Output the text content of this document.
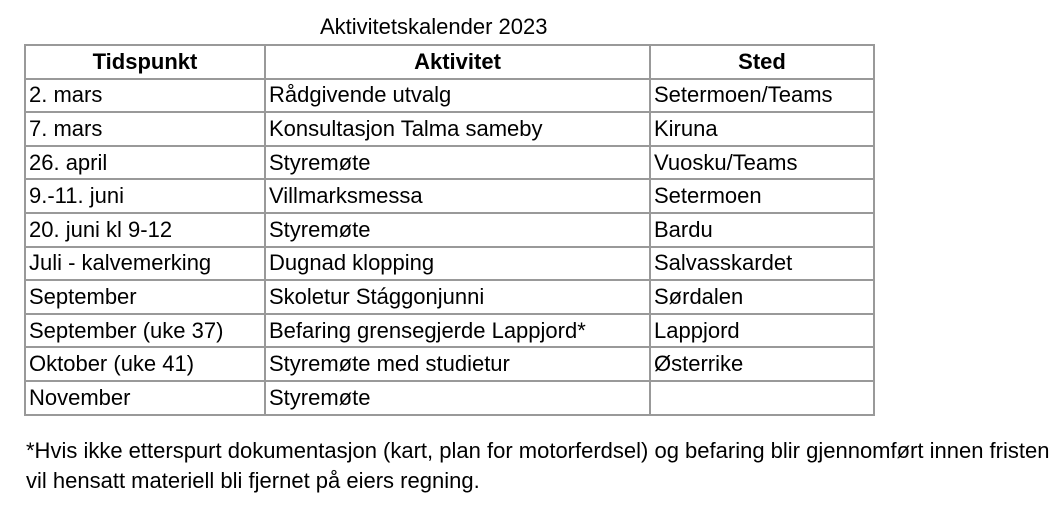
Aktivitetskalender 2023
Tidspunkt	Aktivitet	Sted
2. mars	Rådgivende utvalg	Setermoen/Teams
7. mars	Konsultasjon Talma sameby	Kiruna
26. april	Styremøte	Vuosku/Teams
9.-11. juni	Villmarksmessa	Setermoen
20. juni kl 9-12	Styremøte	Bardu
Juli - kalvemerking	Dugnad klopping	Salvasskardet
September	Skoletur Stággonjunni	Sørdalen
September (uke 37)	Befaring grensegjerde Lappjord*	Lappjord
Oktober (uke 41)	Styremøte med studietur	Østerrike
November	Styremøte	
*Hvis ikke etterspurt dokumentasjon (kart, plan for motorferdsel) og befaring blir gjennomført innen fristen vil hensatt materiell bli fjernet på eiers regning.
